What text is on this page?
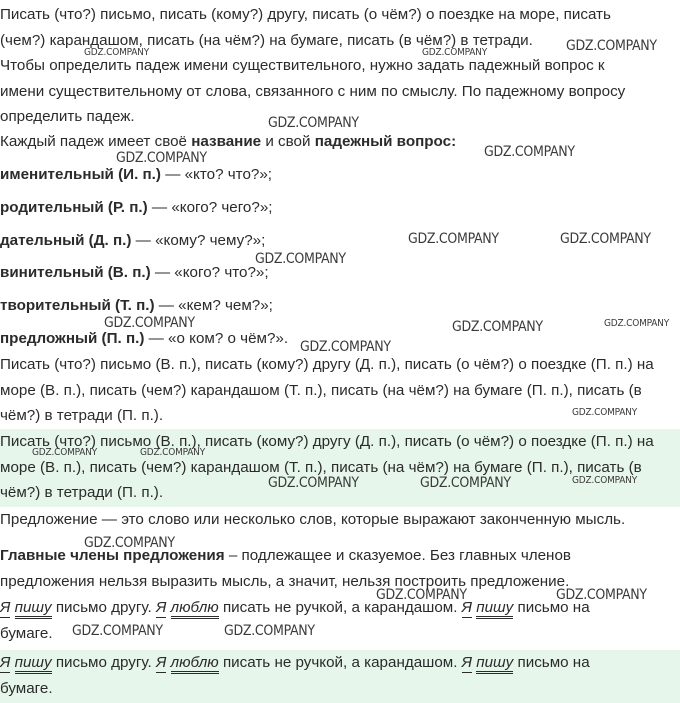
Писать (что?) письмо, писать (кому?) другу, писать (о чём?) о поездке на море, писать
(чем?) карандашом, писать (на чём?) на бумаге, писать (в чём?) в тетради.
Чтобы определить падеж имени существительного, нужно задать падежный вопрос к
имени существительному от слова, связанного с ним по смыслу. По падежному вопросу
определить падеж.
Каждый падеж имеет своё название и свой падежный вопрос:
именительный (И. п.) — «кто? что?»;
родительный (Р. п.) — «кого? чего?»;
дательный (Д. п.) — «кому? чему?»;
винительный (В. п.) — «кого? что?»;
творительный (Т. п.) — «кем? чем?»;
предложный (П. п.) — «о ком? о чём?».
Писать (что?) письмо (В. п.), писать (кому?) другу (Д. п.), писать (о чём?) о поездке (П. п.) на
море (В. п.), писать (чем?) карандашом (Т. п.), писать (на чём?) на бумаге (П. п.), писать (в
чём?) в тетради (П. п.).
Писать (что?) письмо (В. п.), писать (кому?) другу (Д. п.), писать (о чём?) о поездке (П. п.) на
море (В. п.), писать (чем?) карандашом (Т. п.), писать (на чём?) на бумаге (П. п.), писать (в
чём?) в тетради (П. п.).
Предложение — это слово или несколько слов, которые выражают законченную мысль.
Главные члены предложения – подлежащее и сказуемое. Без главных членов
предложения нельзя выразить мысль, а значит, нельзя построить предложение.
Я пишу письмо другу. Я люблю писать не ручкой, а карандашом. Я пишу письмо на
бумаге.
Я пишу письмо другу. Я люблю писать не ручкой, а карандашом. Я пишу письмо на
бумаге.
GDZ.COMPANY
GDZ.COMPANY	GDZ.COMPANY
GDZ.COMPANY
GDZ.COMPANY
GDZ.COMPANY
GDZ.COMPANY	GDZ.COMPANY
GDZ.COMPANY
GDZ.COMPANY	GDZ.COMPANY	GDZ.COMPANY
GDZ.COMPANY
GDZ.COMPANY
GDZ.COMPANY	GDZ.COMPANY
GDZ.COMPANY
GDZ.COMPANY	GDZ.COMPANY
GDZ.COMPANY
GDZ.COMPANY	GDZ.COMPANY
GDZ.COMPANY	GDZ.COMPANY
